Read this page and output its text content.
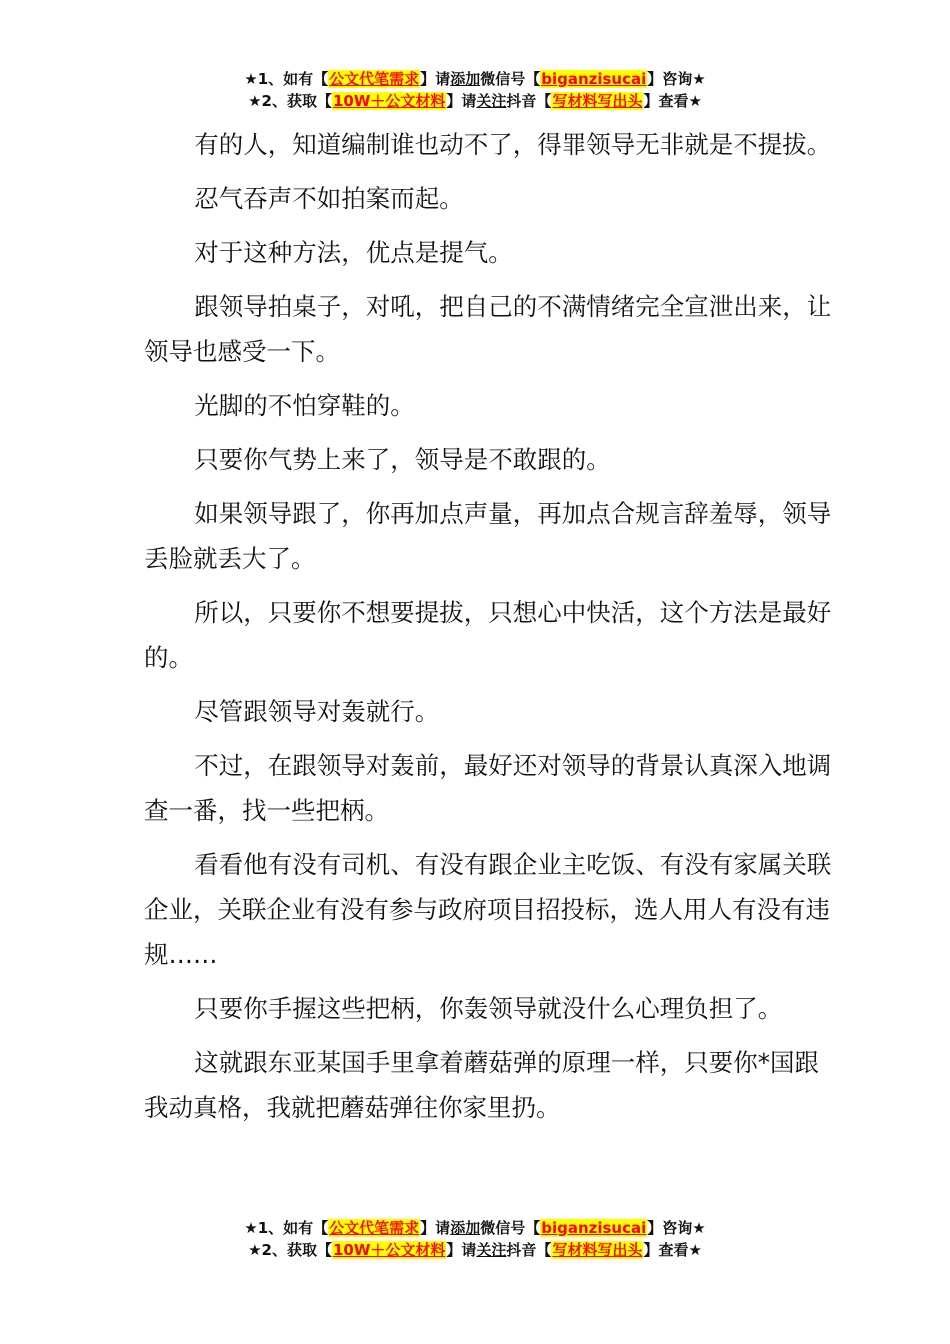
★1、如有【公文代笔需求】请添加微信号【biganzisucai】咨询★
★2、获取【10W＋公文材料】请关注抖音【写材料写出头】查看★

有的人，知道编制谁也动不了，得罪领导无非就是不提拔。

忍气吞声不如拍案而起。

对于这种方法，优点是提气。

跟领导拍桌子，对吼，把自己的不满情绪完全宣泄出来，让领导也感受一下。

光脚的不怕穿鞋的。

只要你气势上来了，领导是不敢跟的。

如果领导跟了，你再加点声量，再加点合规言辞羞辱，领导丢脸就丢大了。

所以，只要你不想要提拔，只想心中快活，这个方法是最好的。

尽管跟领导对轰就行。

不过，在跟领导对轰前，最好还对领导的背景认真深入地调查一番，找一些把柄。

看看他有没有司机、有没有跟企业主吃饭、有没有家属关联企业，关联企业有没有参与政府项目招投标，选人用人有没有违规……

只要你手握这些把柄，你轰领导就没什么心理负担了。

这就跟东亚某国手里拿着蘑菇弹的原理一样，只要你*国跟我动真格，我就把蘑菇弹往你家里扔。

★1、如有【公文代笔需求】请添加微信号【biganzisucai】咨询★
★2、获取【10W＋公文材料】请关注抖音【写材料写出头】查看★
